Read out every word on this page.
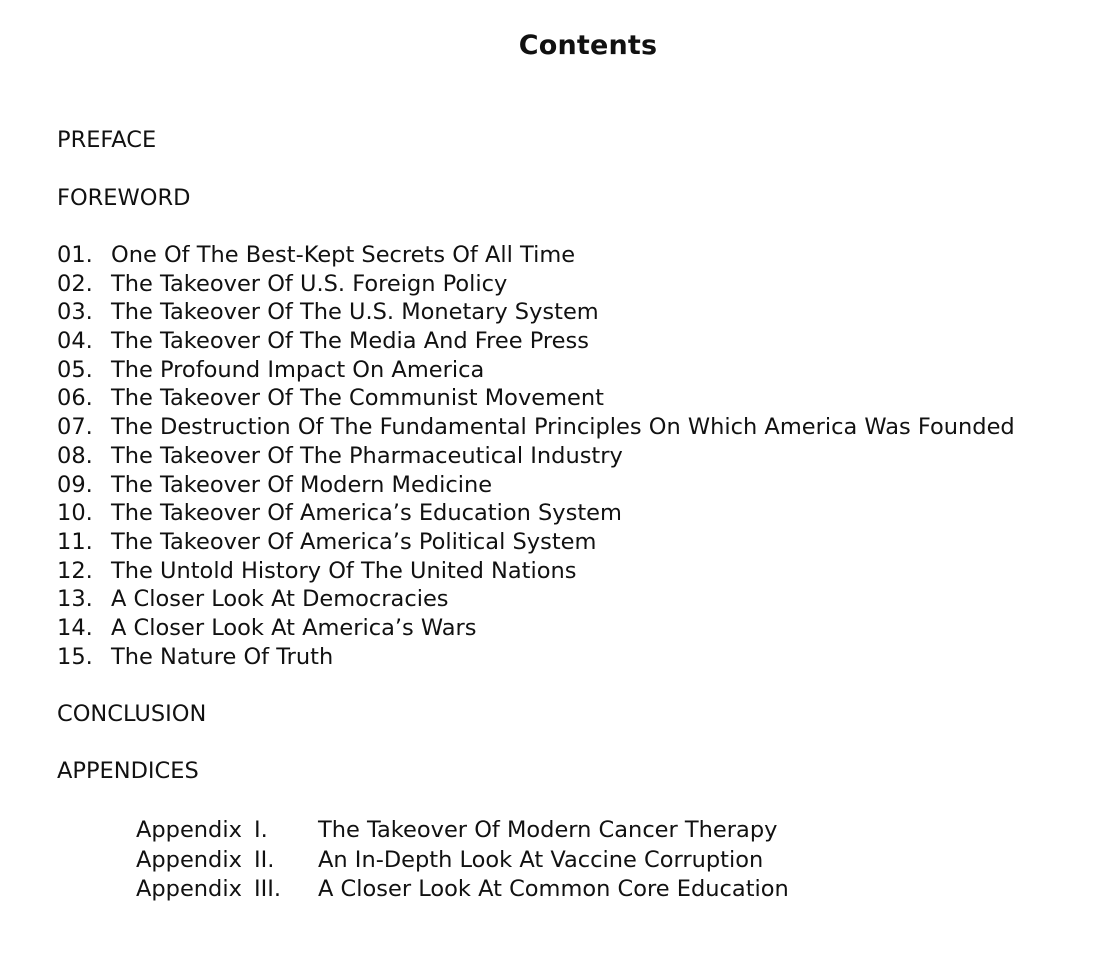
Contents
PREFACE
FOREWORD
01. One Of The Best-Kept Secrets Of All Time
02. The Takeover Of U.S. Foreign Policy
03. The Takeover Of The U.S. Monetary System
04. The Takeover Of The Media And Free Press
05. The Profound Impact On America
06. The Takeover Of The Communist Movement
07. The Destruction Of The Fundamental Principles On Which America Was Founded
08. The Takeover Of The Pharmaceutical Industry
09. The Takeover Of Modern Medicine
10. The Takeover Of America’s Education System
11. The Takeover Of America’s Political System
12. The Untold History Of The United Nations
13. A Closer Look At Democracies
14. A Closer Look At America’s Wars
15. The Nature Of Truth
CONCLUSION
APPENDICES
Appendix I. The Takeover Of Modern Cancer Therapy
Appendix II. An In-Depth Look At Vaccine Corruption
Appendix III. A Closer Look At Common Core Education
